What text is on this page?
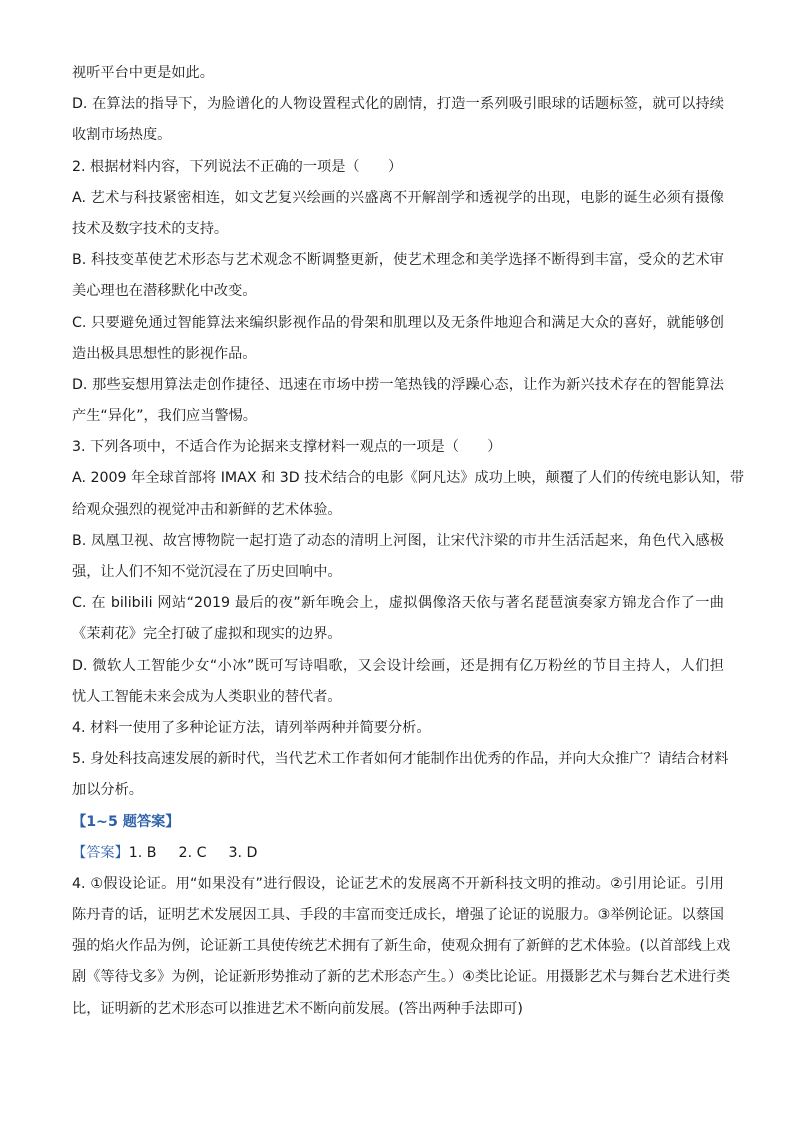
视听平台中更是如此。
D. 在算法的指导下，为脸谱化的人物设置程式化的剧情，打造一系列吸引眼球的话题标签，就可以持续
收割市场热度。
2. 根据材料内容，下列说法不正确的一项是（　　）
A. 艺术与科技紧密相连，如文艺复兴绘画的兴盛离不开解剖学和透视学的出现，电影的诞生必须有摄像
技术及数字技术的支持。
B. 科技变革使艺术形态与艺术观念不断调整更新，使艺术理念和美学选择不断得到丰富，受众的艺术审
美心理也在潜移默化中改变。
C. 只要避免通过智能算法来编织影视作品的骨架和肌理以及无条件地迎合和满足大众的喜好，就能够创
造出极具思想性的影视作品。
D. 那些妄想用算法走创作捷径、迅速在市场中捞一笔热钱的浮躁心态，让作为新兴技术存在的智能算法
产生“异化”，我们应当警惕。
3. 下列各项中，不适合作为论据来支撑材料一观点的一项是（　　）
A. 2009 年全球首部将 IMAX 和 3D 技术结合的电影《阿凡达》成功上映，颠覆了人们的传统电影认知，带
给观众强烈的视觉冲击和新鲜的艺术体验。
B. 凤凰卫视、故宫博物院一起打造了动态的清明上河图，让宋代汴梁的市井生活活起来，角色代入感极
强，让人们不知不觉沉浸在了历史回响中。
C. 在 bilibili 网站“2019 最后的夜”新年晚会上，虚拟偶像洛天依与著名琵琶演奏家方锦龙合作了一曲
《茉莉花》完全打破了虚拟和现实的边界。
D. 微软人工智能少女“小冰”既可写诗唱歌，又会设计绘画，还是拥有亿万粉丝的节目主持人，人们担
忧人工智能未来会成为人类职业的替代者。
4. 材料一使用了多种论证方法，请列举两种并简要分析。
5. 身处科技高速发展的新时代，当代艺术工作者如何才能制作出优秀的作品，并向大众推广？请结合材料
加以分析。
【1~5 题答案】
【答案】1. B 2. C 3. D
4. ①假设论证。用“如果没有”进行假设，论证艺术的发展离不开新科技文明的推动。②引用论证。引用
陈丹青的话，证明艺术发展因工具、手段的丰富而变迁成长，增强了论证的说服力。③举例论证。以蔡国
强的焰火作品为例，论证新工具使传统艺术拥有了新生命，使观众拥有了新鲜的艺术体验。(以首部线上戏
剧《等待戈多》为例，论证新形势推动了新的艺术形态产生。）④类比论证。用摄影艺术与舞台艺术进行类
比，证明新的艺术形态可以推进艺术不断向前发展。(答出两种手法即可)
